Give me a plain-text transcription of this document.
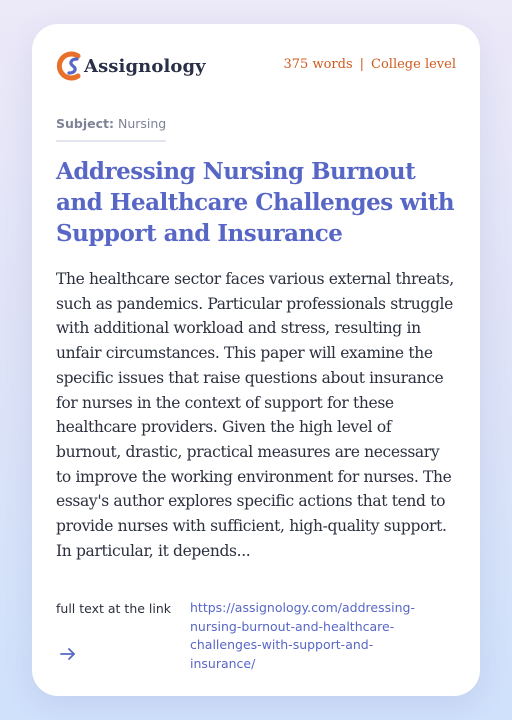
Assignology	375 words | College level
Subject: Nursing
Addressing Nursing Burnout and Healthcare Challenges with Support and Insurance

The healthcare sector faces various external threats, such as pandemics. Particular professionals struggle with additional workload and stress, resulting in unfair circumstances. This paper will examine the specific issues that raise questions about insurance for nurses in the context of support for these healthcare providers. Given the high level of burnout, drastic, practical measures are necessary to improve the working environment for nurses. The essay's author explores specific actions that tend to provide nurses with sufficient, high-quality support. In particular, it depends...

full text at the link https://assignology.com/addressing-
nursing-burnout-and-healthcare-
challenges-with-support-and-
insurance/
